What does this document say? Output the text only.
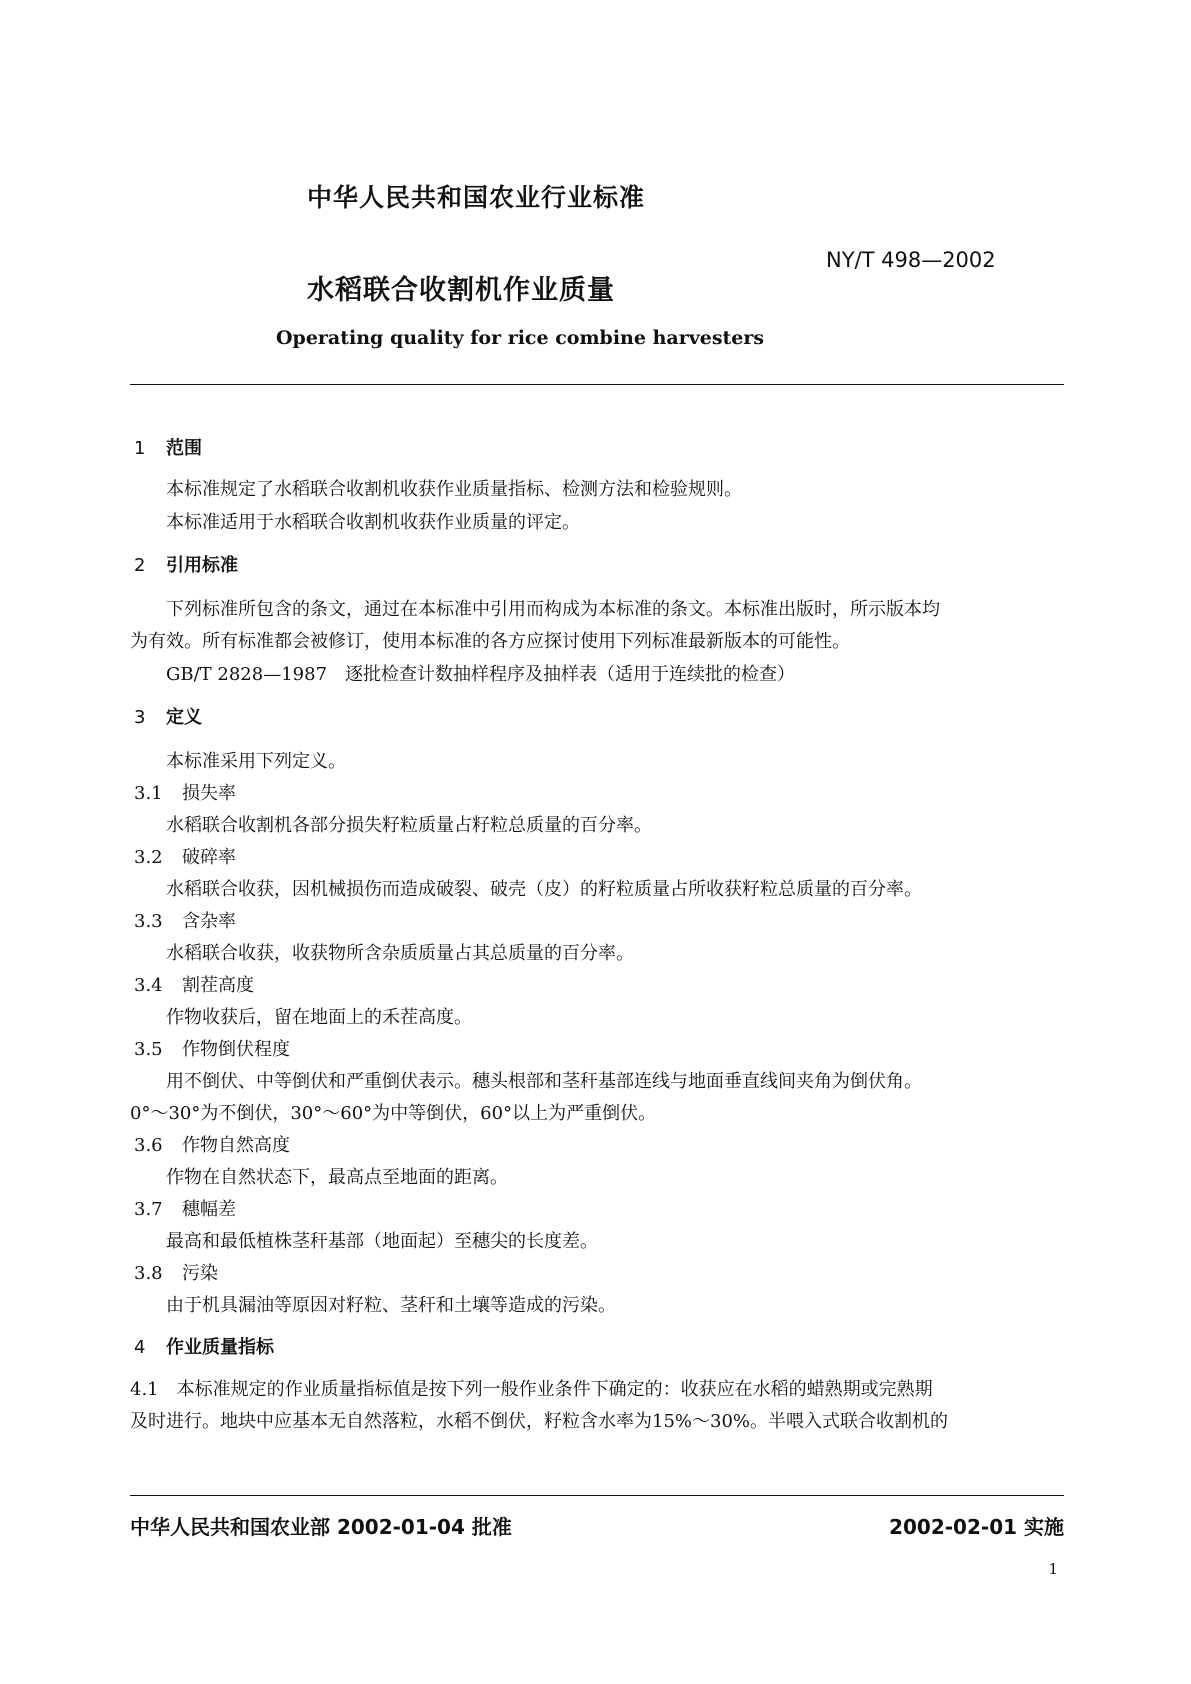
中华人民共和国农业行业标准
NY/T 498—2002
水稻联合收割机作业质量
Operating quality for rice combine harvesters
1 范围
本标准规定了水稻联合收割机收获作业质量指标、检测方法和检验规则。
本标准适用于水稻联合收割机收获作业质量的评定。
2 引用标准
下列标准所包含的条文，通过在本标准中引用而构成为本标准的条文。本标准出版时，所示版本均
为有效。所有标准都会被修订，使用本标准的各方应探讨使用下列标准最新版本的可能性。
GB/T 2828—1987　逐批检查计数抽样程序及抽样表（适用于连续批的检查）
3 定义
本标准采用下列定义。
3.1 损失率
水稻联合收割机各部分损失籽粒质量占籽粒总质量的百分率。
3.2 破碎率
水稻联合收获，因机械损伤而造成破裂、破壳（皮）的籽粒质量占所收获籽粒总质量的百分率。
3.3 含杂率
水稻联合收获，收获物所含杂质质量占其总质量的百分率。
3.4 割茬高度
作物收获后，留在地面上的禾茬高度。
3.5 作物倒伏程度
用不倒伏、中等倒伏和严重倒伏表示。穗头根部和茎秆基部连线与地面垂直线间夹角为倒伏角。
0°～30°为不倒伏，30°～60°为中等倒伏，60°以上为严重倒伏。
3.6 作物自然高度
作物在自然状态下，最高点至地面的距离。
3.7 穗幅差
最高和最低植株茎秆基部（地面起）至穗尖的长度差。
3.8 污染
由于机具漏油等原因对籽粒、茎秆和土壤等造成的污染。
4 作业质量指标
4.1　本标准规定的作业质量指标值是按下列一般作业条件下确定的：收获应在水稻的蜡熟期或完熟期
及时进行。地块中应基本无自然落粒，水稻不倒伏，籽粒含水率为15%～30%。半喂入式联合收割机的
中华人民共和国农业部 2002-01-04 批准	2002-02-01 实施
1
